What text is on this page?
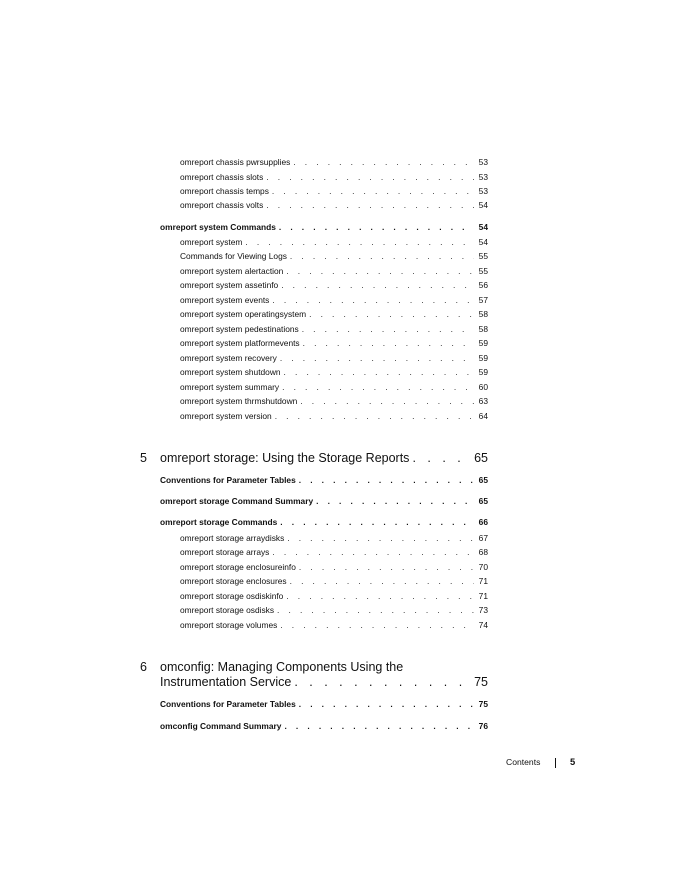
omreport chassis pwrsupplies . . .	53
omreport chassis slots . . .	53
omreport chassis temps . . .	53
omreport chassis volts . . .	54
omreport system Commands . . .	54
omreport system . . .	54
Commands for Viewing Logs . . .	55
omreport system alertaction . . .	55
omreport system assetinfo . . .	56
omreport system events . . .	57
omreport system operatingsystem . . .	58
omreport system pedestinations . . .	58
omreport system platformevents . . .	59
omreport system recovery . . .	59
omreport system shutdown . . .	59
omreport system summary . . .	60
omreport system thrmshutdown . . .	63
omreport system version . . .	64
5 omreport storage: Using the Storage Reports . . .	65
Conventions for Parameter Tables . . .	65
omreport storage Command Summary . . .	65
omreport storage Commands . . .	66
omreport storage arraydisks . . .	67
omreport storage arrays . . .	68
omreport storage enclosureinfo . . .	70
omreport storage enclosures . . .	71
omreport storage osdiskinfo . . .	71
omreport storage osdisks . . .	73
omreport storage volumes . . .	74
6 omconfig: Managing Components Using the
Instrumentation Service . . .	75
Conventions for Parameter Tables . . .	75
omconfig Command Summary . . .	76
Contents	5
